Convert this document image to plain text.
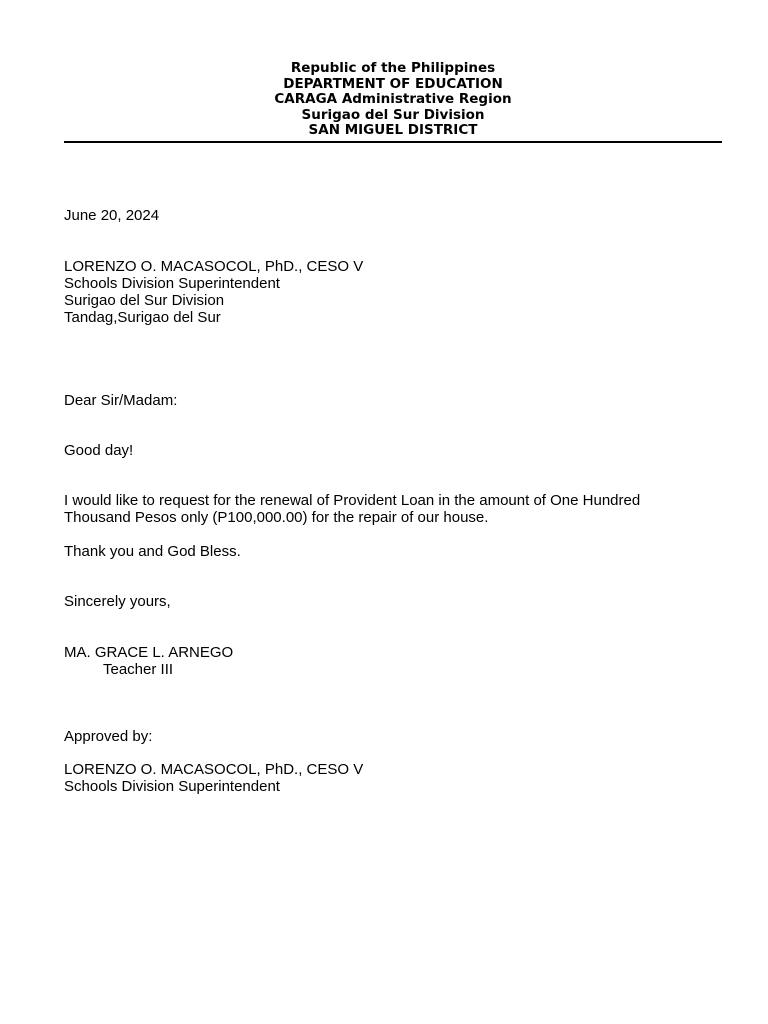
Republic of the Philippines
DEPARTMENT OF EDUCATION
CARAGA Administrative Region
Surigao del Sur Division
SAN MIGUEL DISTRICT
June 20, 2024
LORENZO O. MACASOCOL, PhD., CESO V
Schools Division Superintendent
Surigao del Sur Division
Tandag,Surigao del Sur
Dear Sir/Madam:
Good day!
I would like to request for the renewal of Provident Loan in the amount of One Hundred
Thousand Pesos only (P100,000.00) for the repair of our house.
Thank you and God Bless.
Sincerely yours,
MA. GRACE L. ARNEGO
Teacher III
Approved by:
LORENZO O. MACASOCOL, PhD., CESO V
Schools Division Superintendent
